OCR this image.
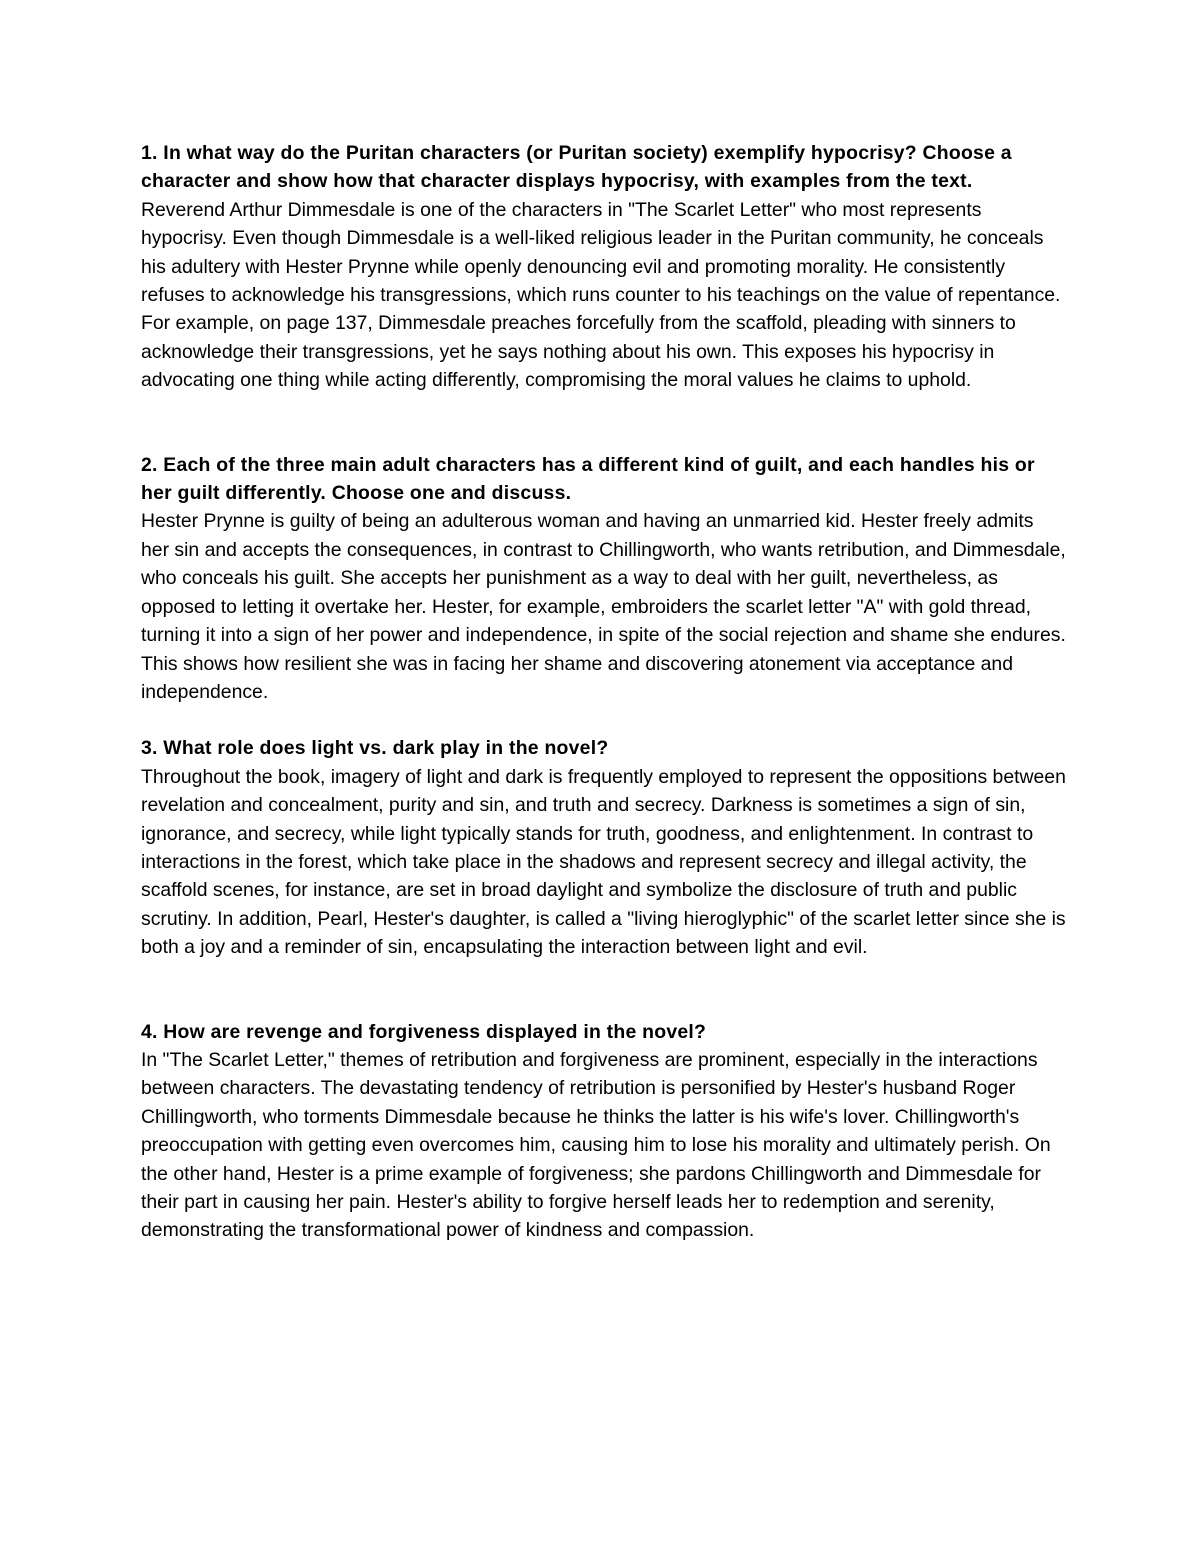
1. In what way do the Puritan characters (or Puritan society) exemplify hypocrisy? Choose a character and show how that character displays hypocrisy, with examples from the text.

Reverend Arthur Dimmesdale is one of the characters in "The Scarlet Letter" who most represents hypocrisy. Even though Dimmesdale is a well-liked religious leader in the Puritan community, he conceals his adultery with Hester Prynne while openly denouncing evil and promoting morality. He consistently refuses to acknowledge his transgressions, which runs counter to his teachings on the value of repentance. For example, on page 137, Dimmesdale preaches forcefully from the scaffold, pleading with sinners to acknowledge their transgressions, yet he says nothing about his own. This exposes his hypocrisy in advocating one thing while acting differently, compromising the moral values he claims to uphold.

2. Each of the three main adult characters has a different kind of guilt, and each handles his or her guilt differently. Choose one and discuss.

Hester Prynne is guilty of being an adulterous woman and having an unmarried kid. Hester freely admits her sin and accepts the consequences, in contrast to Chillingworth, who wants retribution, and Dimmesdale, who conceals his guilt. She accepts her punishment as a way to deal with her guilt, nevertheless, as opposed to letting it overtake her. Hester, for example, embroiders the scarlet letter "A" with gold thread, turning it into a sign of her power and independence, in spite of the social rejection and shame she endures. This shows how resilient she was in facing her shame and discovering atonement via acceptance and independence.

3. What role does light vs. dark play in the novel?

Throughout the book, imagery of light and dark is frequently employed to represent the oppositions between revelation and concealment, purity and sin, and truth and secrecy. Darkness is sometimes a sign of sin, ignorance, and secrecy, while light typically stands for truth, goodness, and enlightenment. In contrast to interactions in the forest, which take place in the shadows and represent secrecy and illegal activity, the scaffold scenes, for instance, are set in broad daylight and symbolize the disclosure of truth and public scrutiny. In addition, Pearl, Hester's daughter, is called a "living hieroglyphic" of the scarlet letter since she is both a joy and a reminder of sin, encapsulating the interaction between light and evil.

4. How are revenge and forgiveness displayed in the novel?

In "The Scarlet Letter," themes of retribution and forgiveness are prominent, especially in the interactions between characters. The devastating tendency of retribution is personified by Hester's husband Roger Chillingworth, who torments Dimmesdale because he thinks the latter is his wife's lover. Chillingworth's preoccupation with getting even overcomes him, causing him to lose his morality and ultimately perish. On the other hand, Hester is a prime example of forgiveness; she pardons Chillingworth and Dimmesdale for their part in causing her pain. Hester's ability to forgive herself leads her to redemption and serenity, demonstrating the transformational power of kindness and compassion.
